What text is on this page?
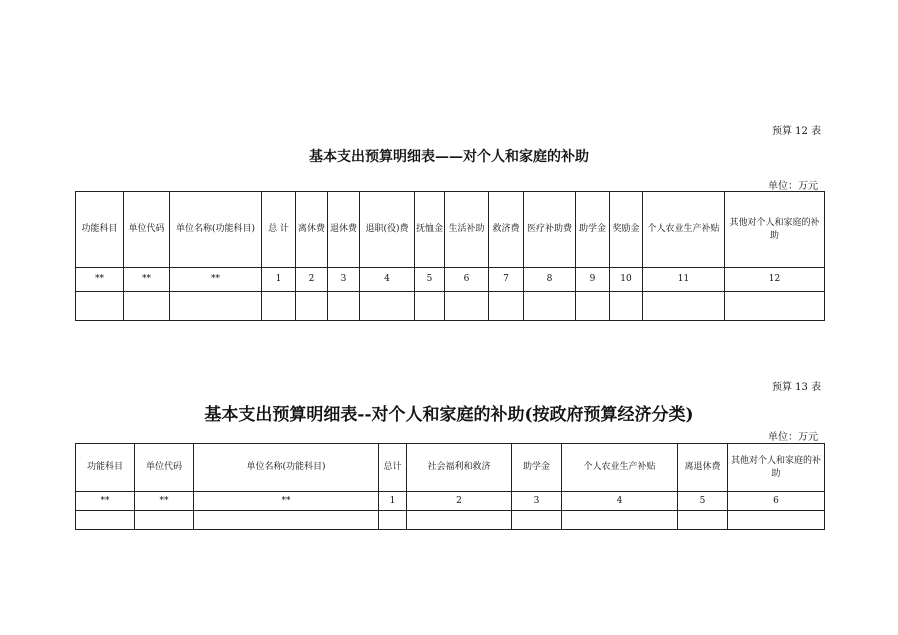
预算 12 表
基本支出预算明细表——对个人和家庭的补助
单位：万元
功能科目	单位代码	单位名称(功能科目)	总 计	离休费	退休费	退职(役)费	抚恤金	生活补助	救济费	医疗补助费	助学金	奖励金	个人农业生产补贴	其他对个人和家庭的补助
**	**	**	1	2	3	4	5	6	7	8	9	10	11	12

预算 13 表
基本支出预算明细表--对个人和家庭的补助(按政府预算经济分类)
单位：万元
功能科目	单位代码	单位名称(功能科目)	总计	社会福利和救济	助学金	个人农业生产补贴	离退休费	其他对个人和家庭的补助
**	**	**	1	2	3	4	5	6
